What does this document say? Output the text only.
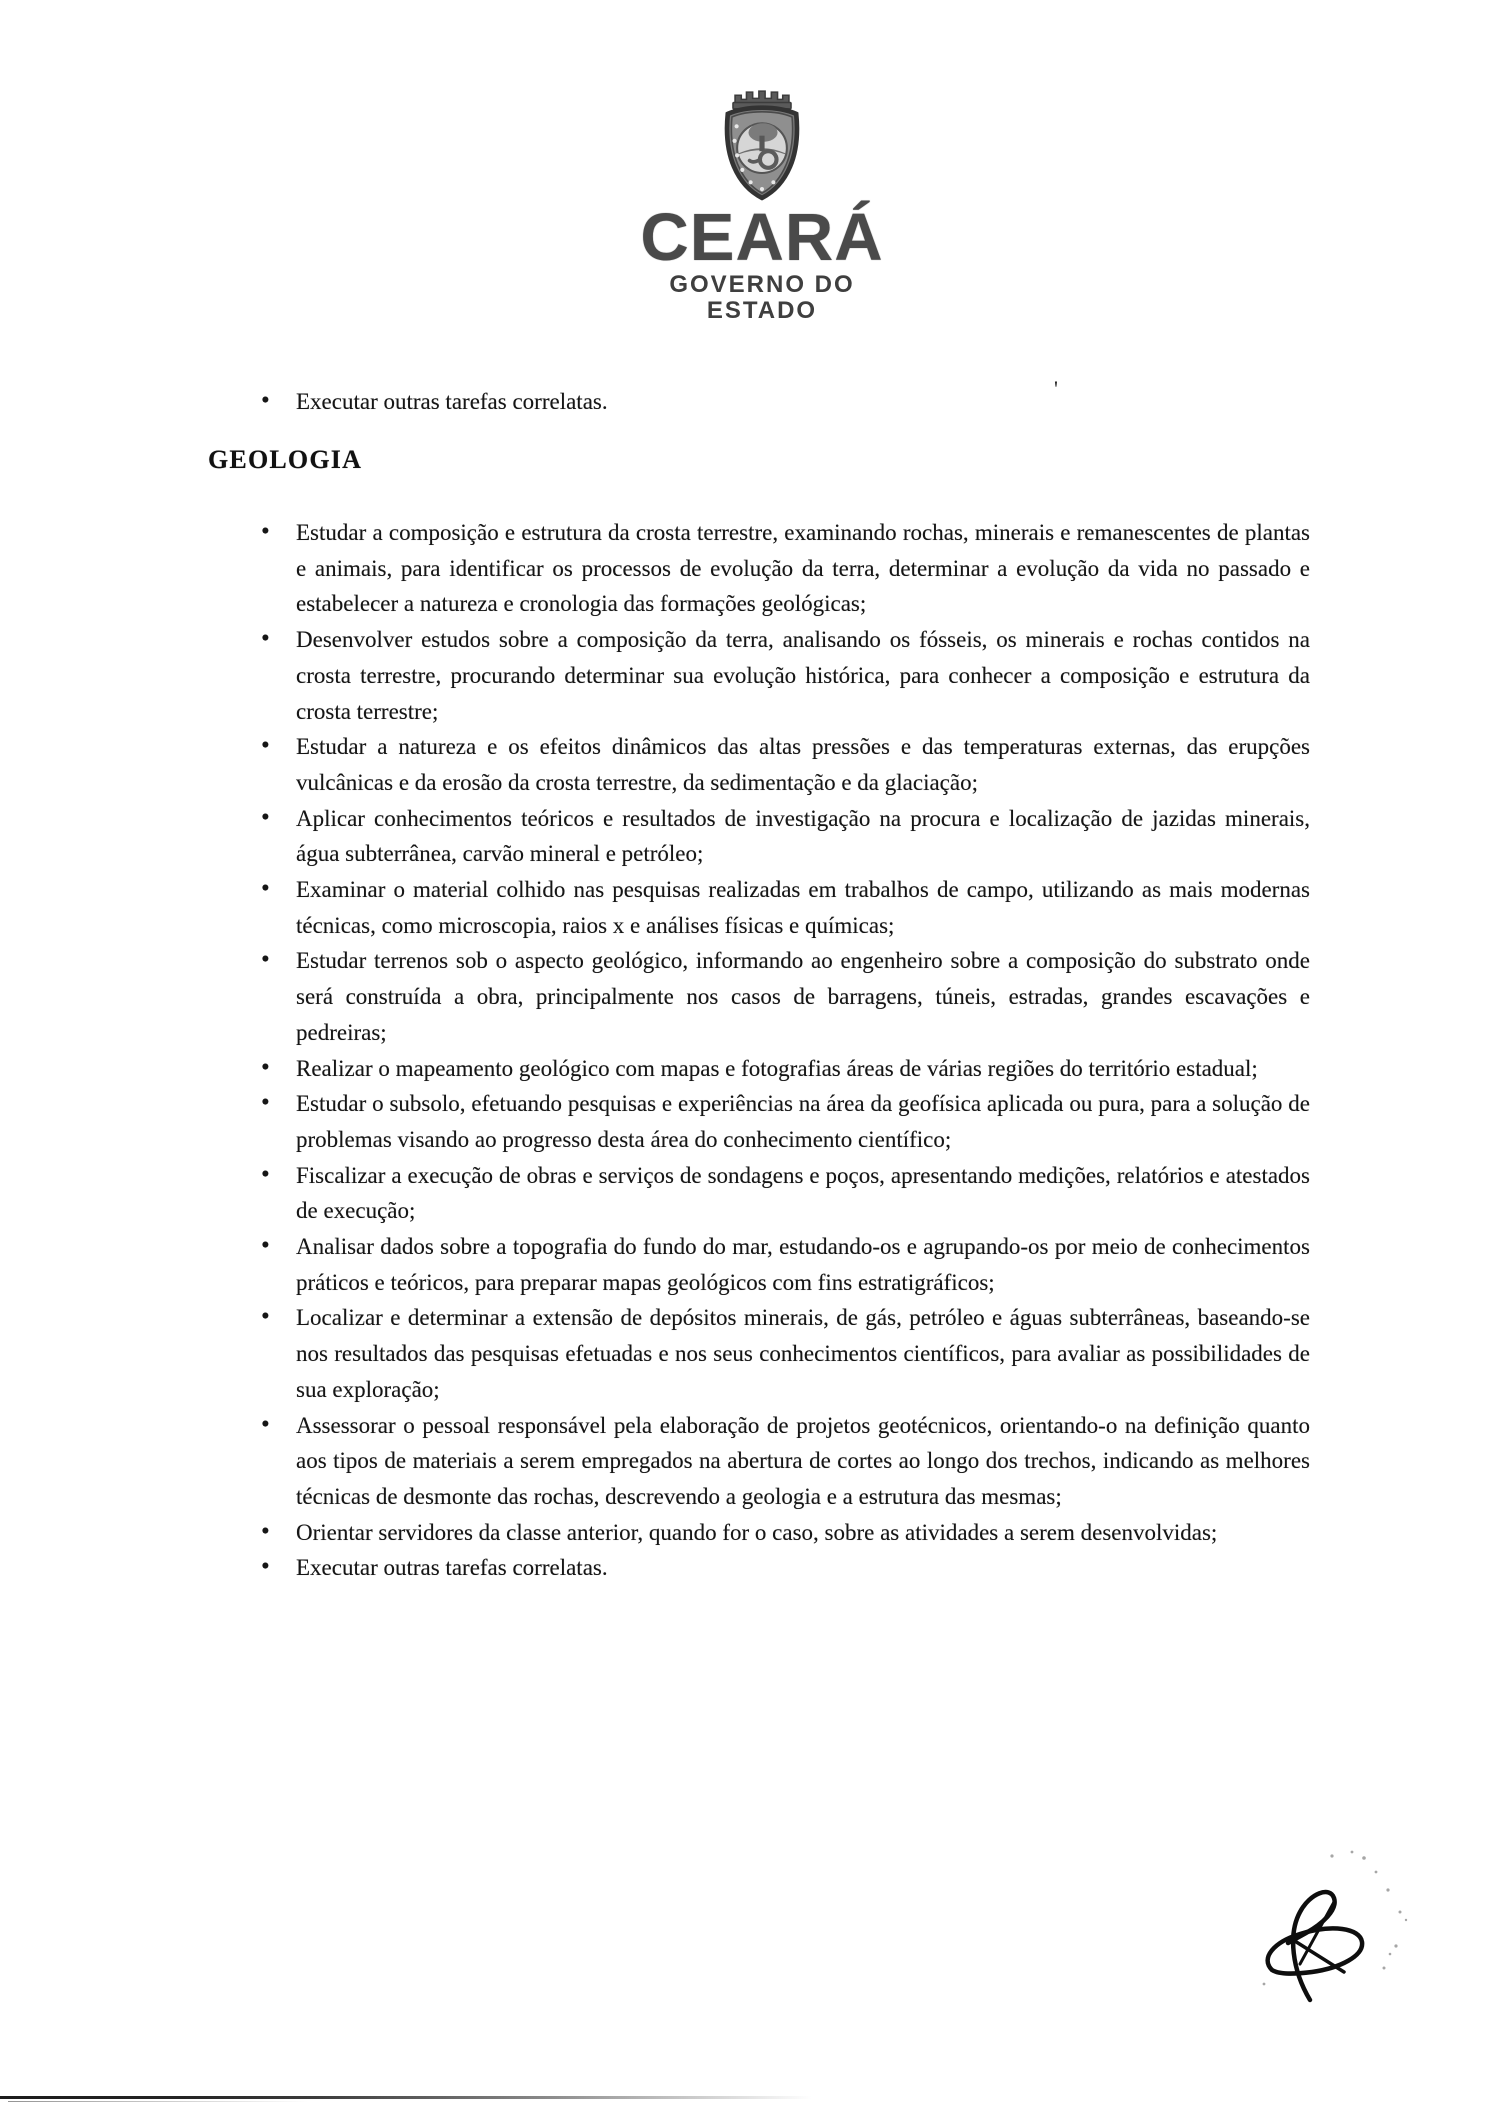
CEARÁ
GOVERNO DO ESTADO
'
• Executar outras tarefas correlatas.
GEOLOGIA
• Estudar a composição e estrutura da crosta terrestre, examinando rochas, minerais e remanescentes de plantas e animais, para identificar os processos de evolução da terra, determinar a evolução da vida no passado e estabelecer a natureza e cronologia das formações geológicas;
• Desenvolver estudos sobre a composição da terra, analisando os fósseis, os minerais e rochas contidos na crosta terrestre, procurando determinar sua evolução histórica, para conhecer a composição e estrutura da crosta terrestre;
• Estudar a natureza e os efeitos dinâmicos das altas pressões e das temperaturas externas, das erupções vulcânicas e da erosão da crosta terrestre, da sedimentação e da glaciação;
• Aplicar conhecimentos teóricos e resultados de investigação na procura e localização de jazidas minerais, água subterrânea, carvão mineral e petróleo;
• Examinar o material colhido nas pesquisas realizadas em trabalhos de campo, utilizando as mais modernas técnicas, como microscopia, raios x e análises físicas e químicas;
• Estudar terrenos sob o aspecto geológico, informando ao engenheiro sobre a composição do substrato onde será construída a obra, principalmente nos casos de barragens, túneis, estradas, grandes escavações e pedreiras;
• Realizar o mapeamento geológico com mapas e fotografias áreas de várias regiões do território estadual;
• Estudar o subsolo, efetuando pesquisas e experiências na área da geofísica aplicada ou pura, para a solução de problemas visando ao progresso desta área do conhecimento científico;
• Fiscalizar a execução de obras e serviços de sondagens e poços, apresentando medições, relatórios e atestados de execução;
• Analisar dados sobre a topografia do fundo do mar, estudando-os e agrupando-os por meio de conhecimentos práticos e teóricos, para preparar mapas geológicos com fins estratigráficos;
• Localizar e determinar a extensão de depósitos minerais, de gás, petróleo e águas subterrâneas, baseando-se nos resultados das pesquisas efetuadas e nos seus conhecimentos científicos, para avaliar as possibilidades de sua exploração;
• Assessorar o pessoal responsável pela elaboração de projetos geotécnicos, orientando-o na definição quanto aos tipos de materiais a serem empregados na abertura de cortes ao longo dos trechos, indicando as melhores técnicas de desmonte das rochas, descrevendo a geologia e a estrutura das mesmas;
• Orientar servidores da classe anterior, quando for o caso, sobre as atividades a serem desenvolvidas;
• Executar outras tarefas correlatas.
